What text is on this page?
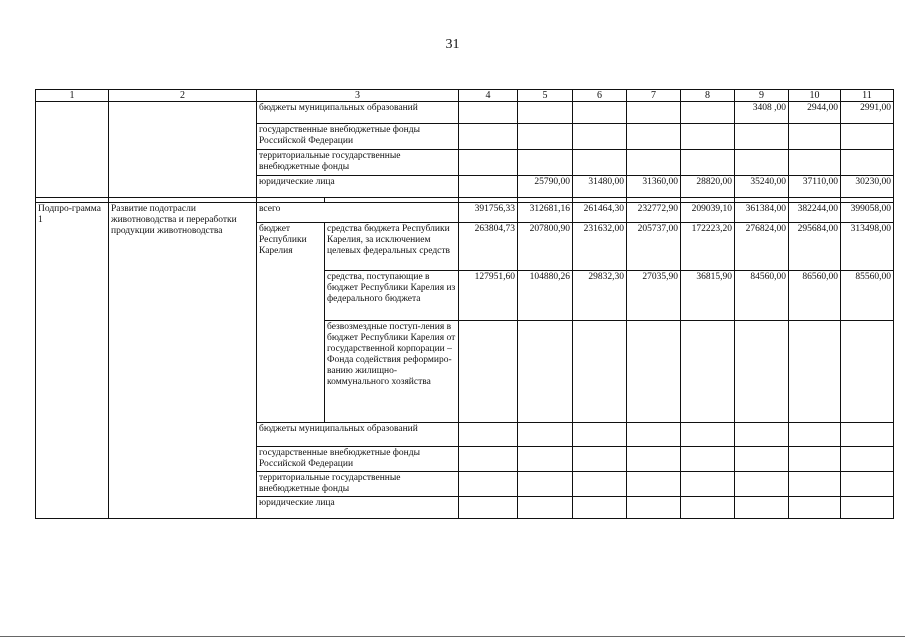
31
1	2	3		4	5	6	7	8	9	10	11
		бюджеты муниципальных образований							3408 ,00	2944,00	2991,00
		государственные внебюджетные фонды Российской Федерации									
		территориальные государственные внебюджетные фонды									
		юридические лица			25790,00	31480,00	31360,00	28820,00	35240,00	37110,00	30230,00

Подпро-грамма 1	Развитие подотрасли животноводства и переработки продукции животноводства	всего		391756,33	312681,16	261464,30	232772,90	209039,10	361384,00	382244,00	399058,00
		бюджет Республики Карелия	средства бюджета Республики Карелия, за исключением целевых федеральных средств	263804,73	207800,90	231632,00	205737,00	172223,20	276824,00	295684,00	313498,00
			средства, поступающие в бюджет Республики Карелия из федерального бюджета	127951,60	104880,26	29832,30	27035,90	36815,90	84560,00	86560,00	85560,00
			безвозмездные поступ-ления в бюджет Республики Карелия от государственной корпорации – Фонда содействия реформиро-ванию жилищно-коммунального хозяйства								
		бюджеты муниципальных образований									
		государственные внебюджетные фонды Российской Федерации									
		территориальные государственные внебюджетные фонды									
		юридические лица									
